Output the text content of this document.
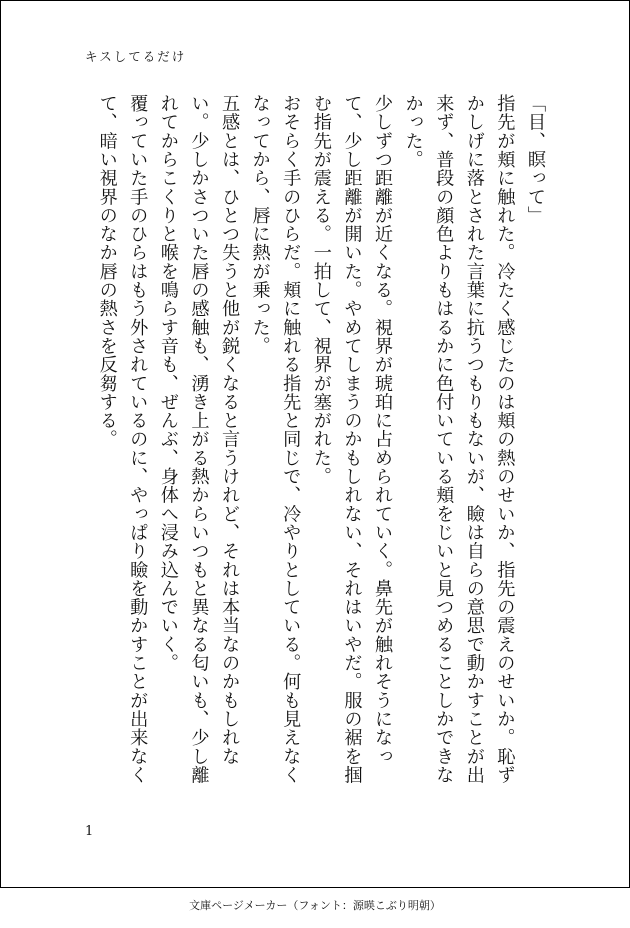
キスしてるだけ

「目、瞑って」

指先が頬に触れた。冷たく感じたのは頬の熱のせいか、指先の震えのせいか。恥ずかしげに落とされた言葉に抗うつもりもないが、瞼は自らの意思で動かすことが出来ず、普段の顔色よりもはるかに色付いている頬をじいと見つめることしかできなかった。

少しずつ距離が近くなる。視界が琥珀に占められていく。鼻先が触れそうになって、少し距離が開いた。やめてしまうのかもしれない、それはいやだ。服の裾を掴む指先が震える。一拍して、視界が塞がれた。

おそらく手のひらだ。頬に触れる指先と同じで、冷やりとしている。何も見えなくなってから、唇に熱が乗った。

五感とは、ひとつ失うと他が鋭くなると言うけれど、それは本当なのかもしれない。少しかさついた唇の感触も、湧き上がる熱からいつもと異なる匂いも、少し離れてからこくりと喉を鳴らす音も、ぜんぶ、身体へ浸み込んでいく。

覆っていた手のひらはもう外されているのに、やっぱり瞼を動かすことが出来なくて、暗い視界のなか唇の熱さを反芻する。

1
文庫ページメーカー（フォント：源暎こぶり明朝）
